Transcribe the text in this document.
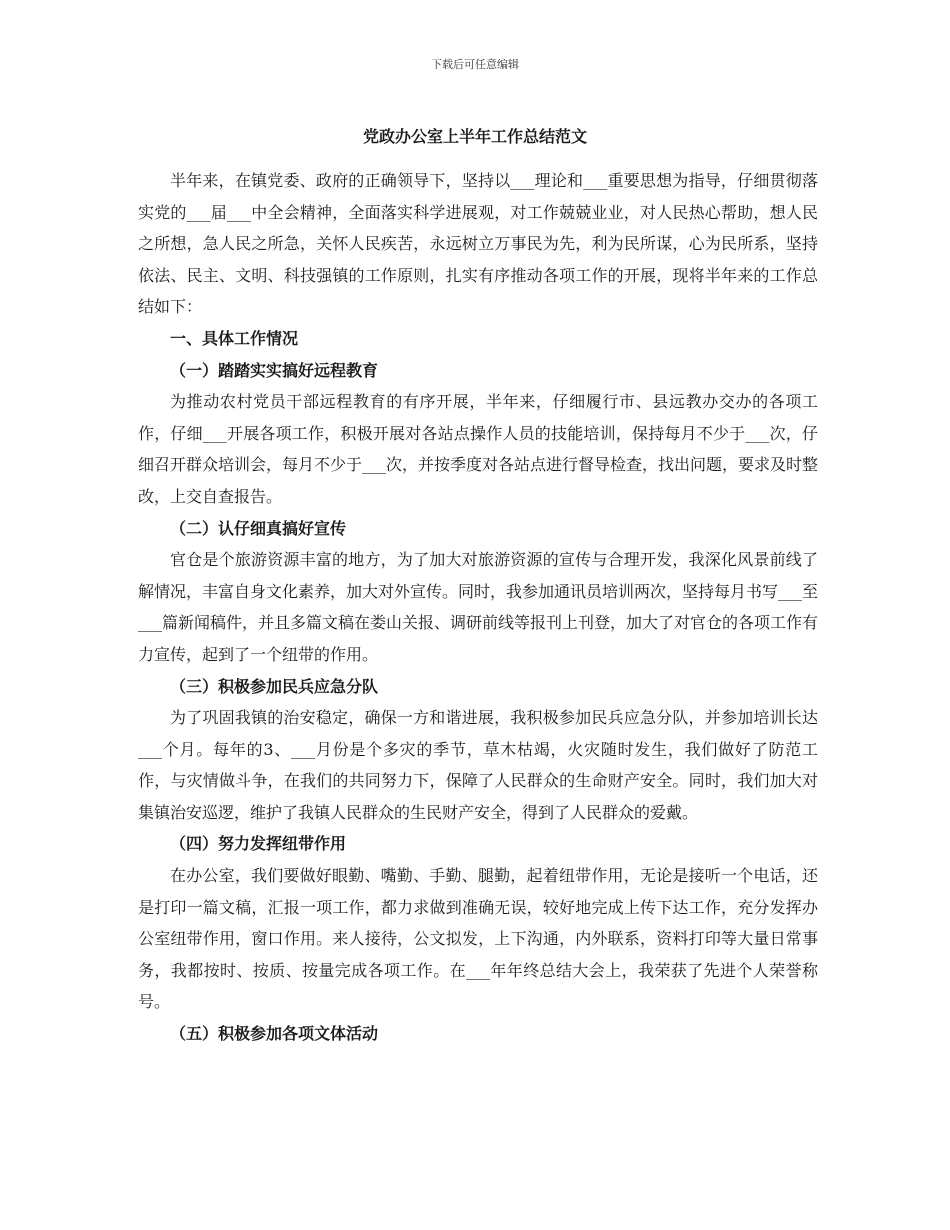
下载后可任意编辑
党政办公室上半年工作总结范文

半年来，在镇党委、政府的正确领导下，坚持以___理论和___重要思想为指导，仔细贯彻落实党的___届___中全会精神，全面落实科学进展观，对工作兢兢业业，对人民热心帮助，想人民之所想，急人民之所急，关怀人民疾苦，永远树立万事民为先，利为民所谋，心为民所系，坚持依法、民主、文明、科技强镇的工作原则，扎实有序推动各项工作的开展，现将半年来的工作总结如下：

一、具体工作情况

（一）踏踏实实搞好远程教育

为推动农村党员干部远程教育的有序开展，半年来，仔细履行市、县远教办交办的各项工作，仔细___开展各项工作，积极开展对各站点操作人员的技能培训，保持每月不少于___次，仔细召开群众培训会，每月不少于___次，并按季度对各站点进行督导检查，找出问题，要求及时整改，上交自查报告。

（二）认仔细真搞好宣传

官仓是个旅游资源丰富的地方，为了加大对旅游资源的宣传与合理开发，我深化风景前线了解情况，丰富自身文化素养，加大对外宣传。同时，我参加通讯员培训两次，坚持每月书写___至___篇新闻稿件，并且多篇文稿在娄山关报、调研前线等报刊上刊登，加大了对官仓的各项工作有力宣传，起到了一个纽带的作用。

（三）积极参加民兵应急分队

为了巩固我镇的治安稳定，确保一方和谐进展，我积极参加民兵应急分队，并参加培训长达___个月。每年的3、___月份是个多灾的季节，草木枯竭，火灾随时发生，我们做好了防范工作，与灾情做斗争，在我们的共同努力下，保障了人民群众的生命财产安全。同时，我们加大对集镇治安巡逻，维护了我镇人民群众的生民财产安全，得到了人民群众的爱戴。

（四）努力发挥纽带作用

在办公室，我们要做好眼勤、嘴勤、手勤、腿勤，起着纽带作用，无论是接听一个电话，还是打印一篇文稿，汇报一项工作，都力求做到准确无误，较好地完成上传下达工作，充分发挥办公室纽带作用，窗口作用。来人接待，公文拟发，上下沟通，内外联系，资料打印等大量日常事务，我都按时、按质、按量完成各项工作。在___年年终总结大会上，我荣获了先进个人荣誉称号。

（五）积极参加各项文体活动
